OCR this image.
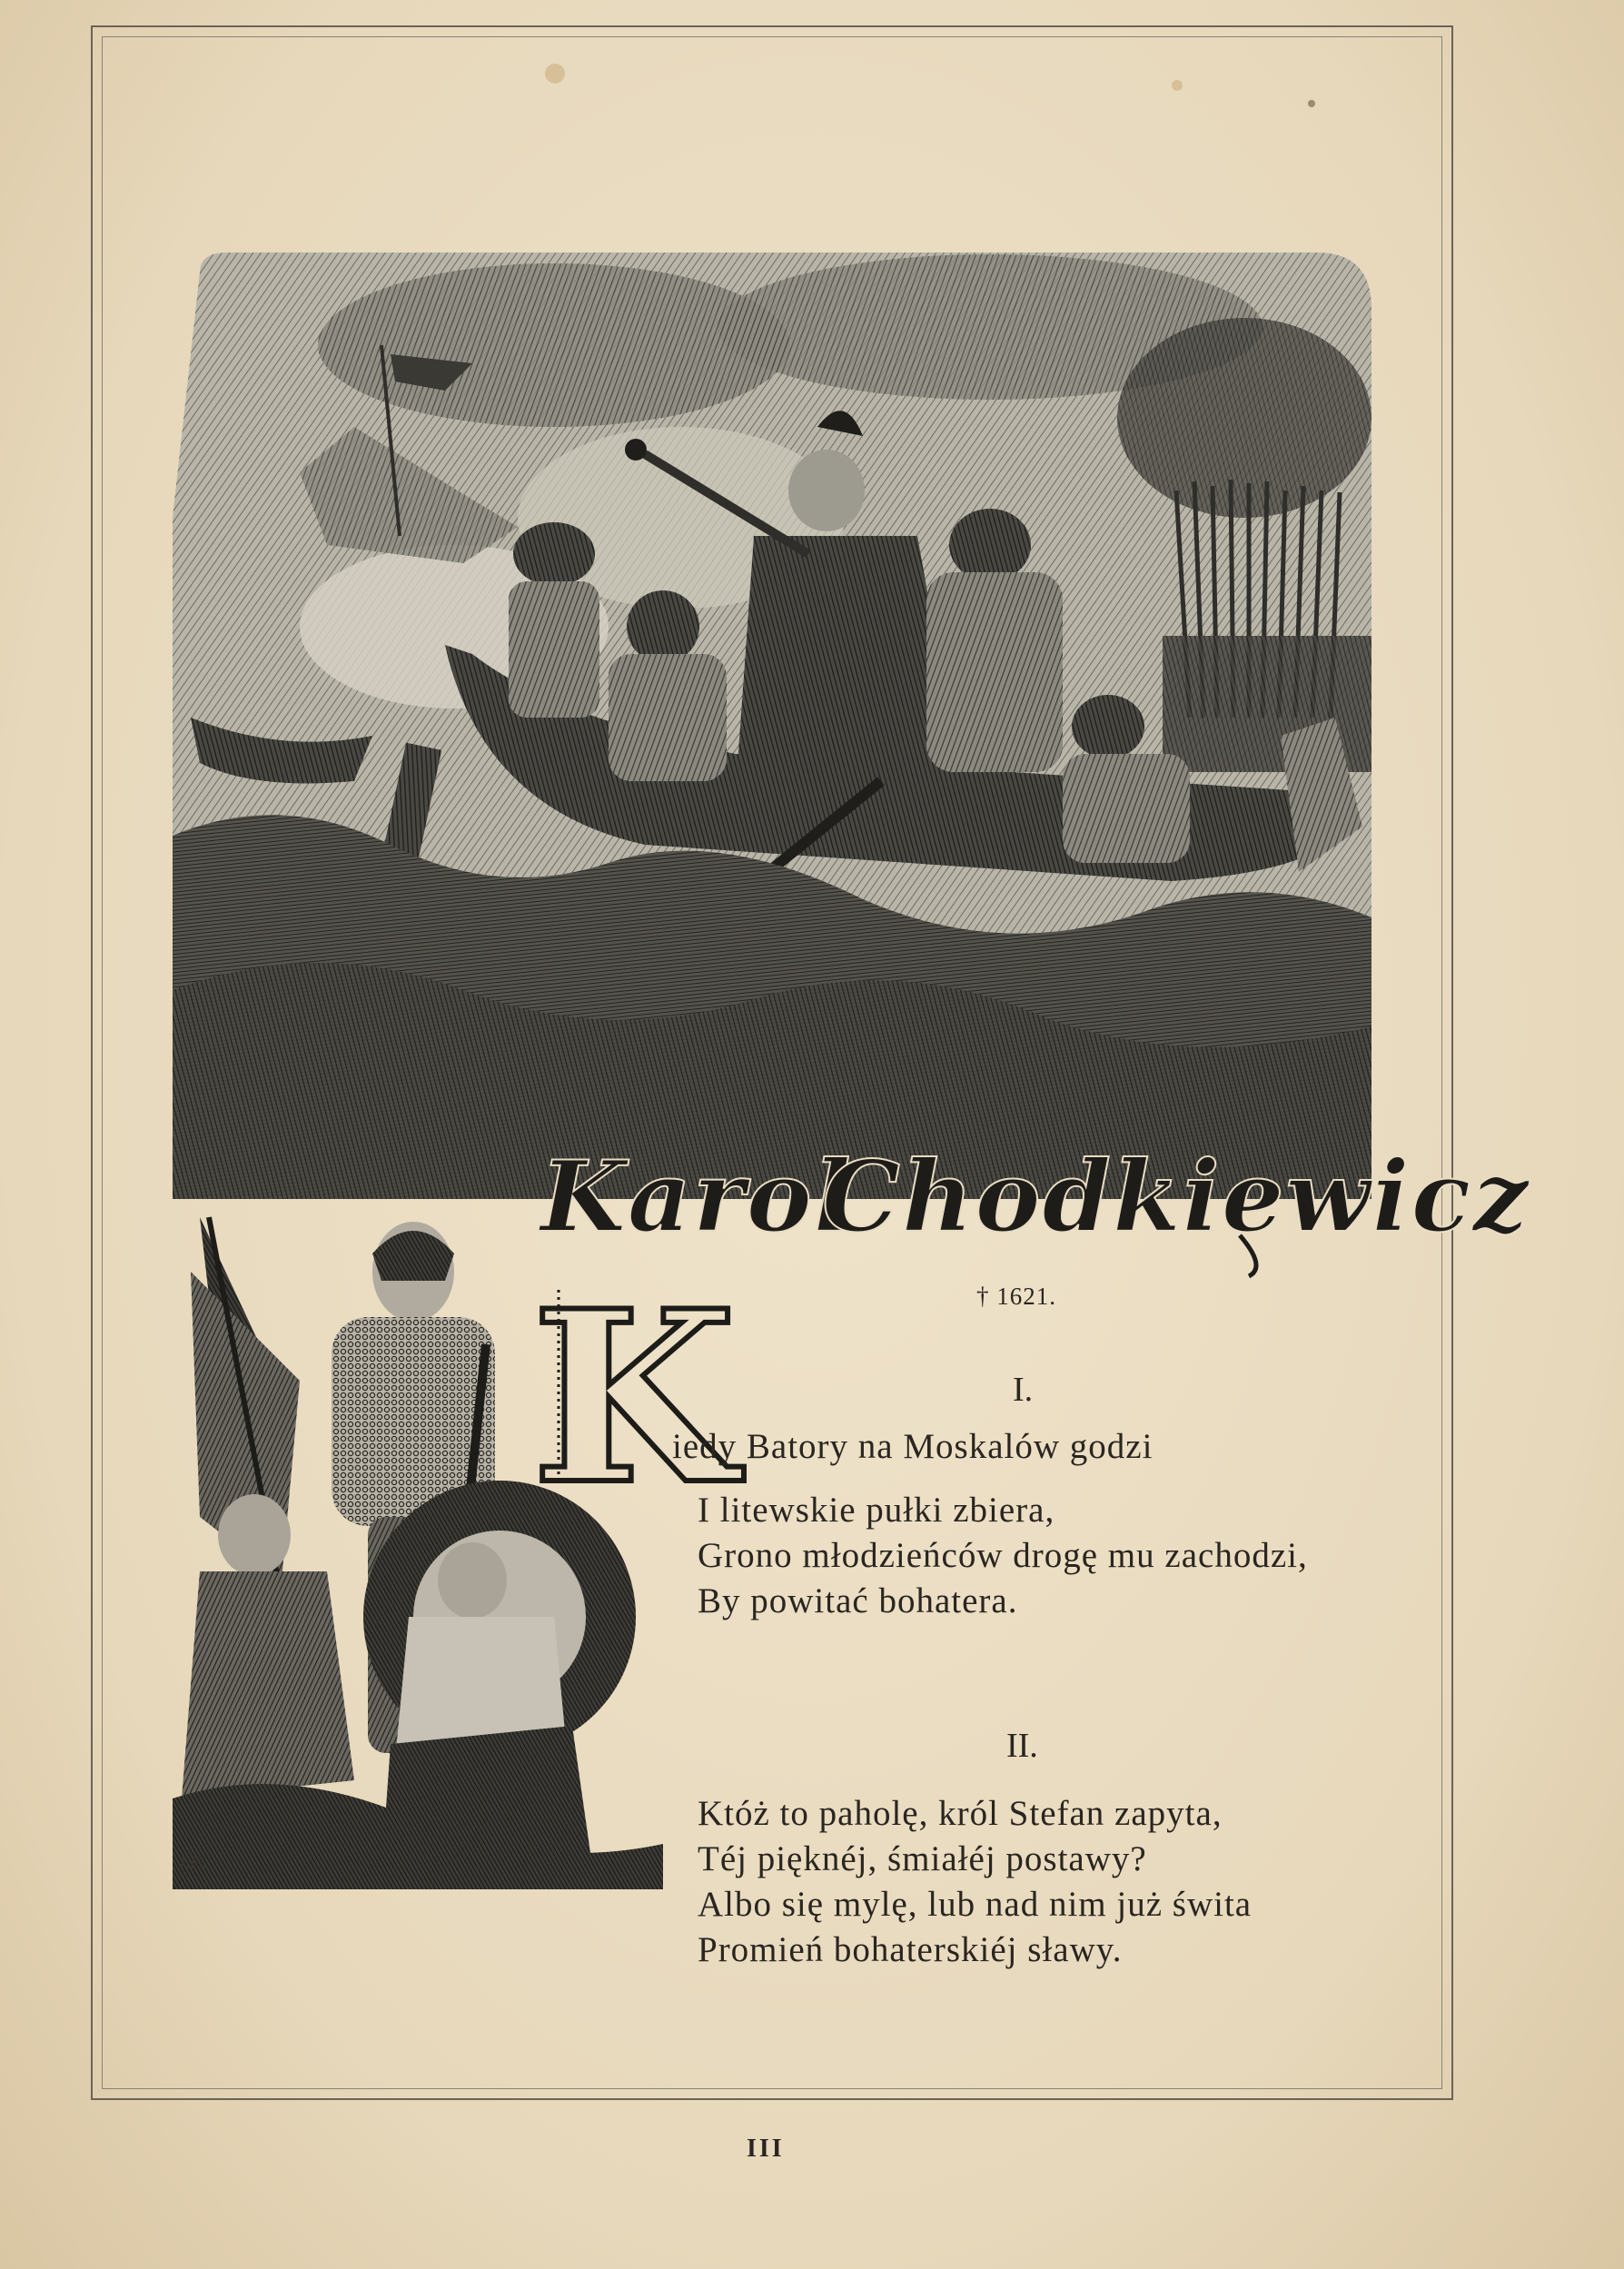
Karol
Chodkiewicz
† 1621.
J.K.
K	I.
iedy Batory na Moskalów godzi
I litewskie pułki zbiera,
Grono młodzieńców drogę mu zachodzi,
By powitać bohatera.
II.
Któż to paholę, król Stefan zapyta,
Téj pięknéj, śmiałéj postawy?
Albo się mylę, lub nad nim już świta
Promień bohaterskiéj sławy.
III
